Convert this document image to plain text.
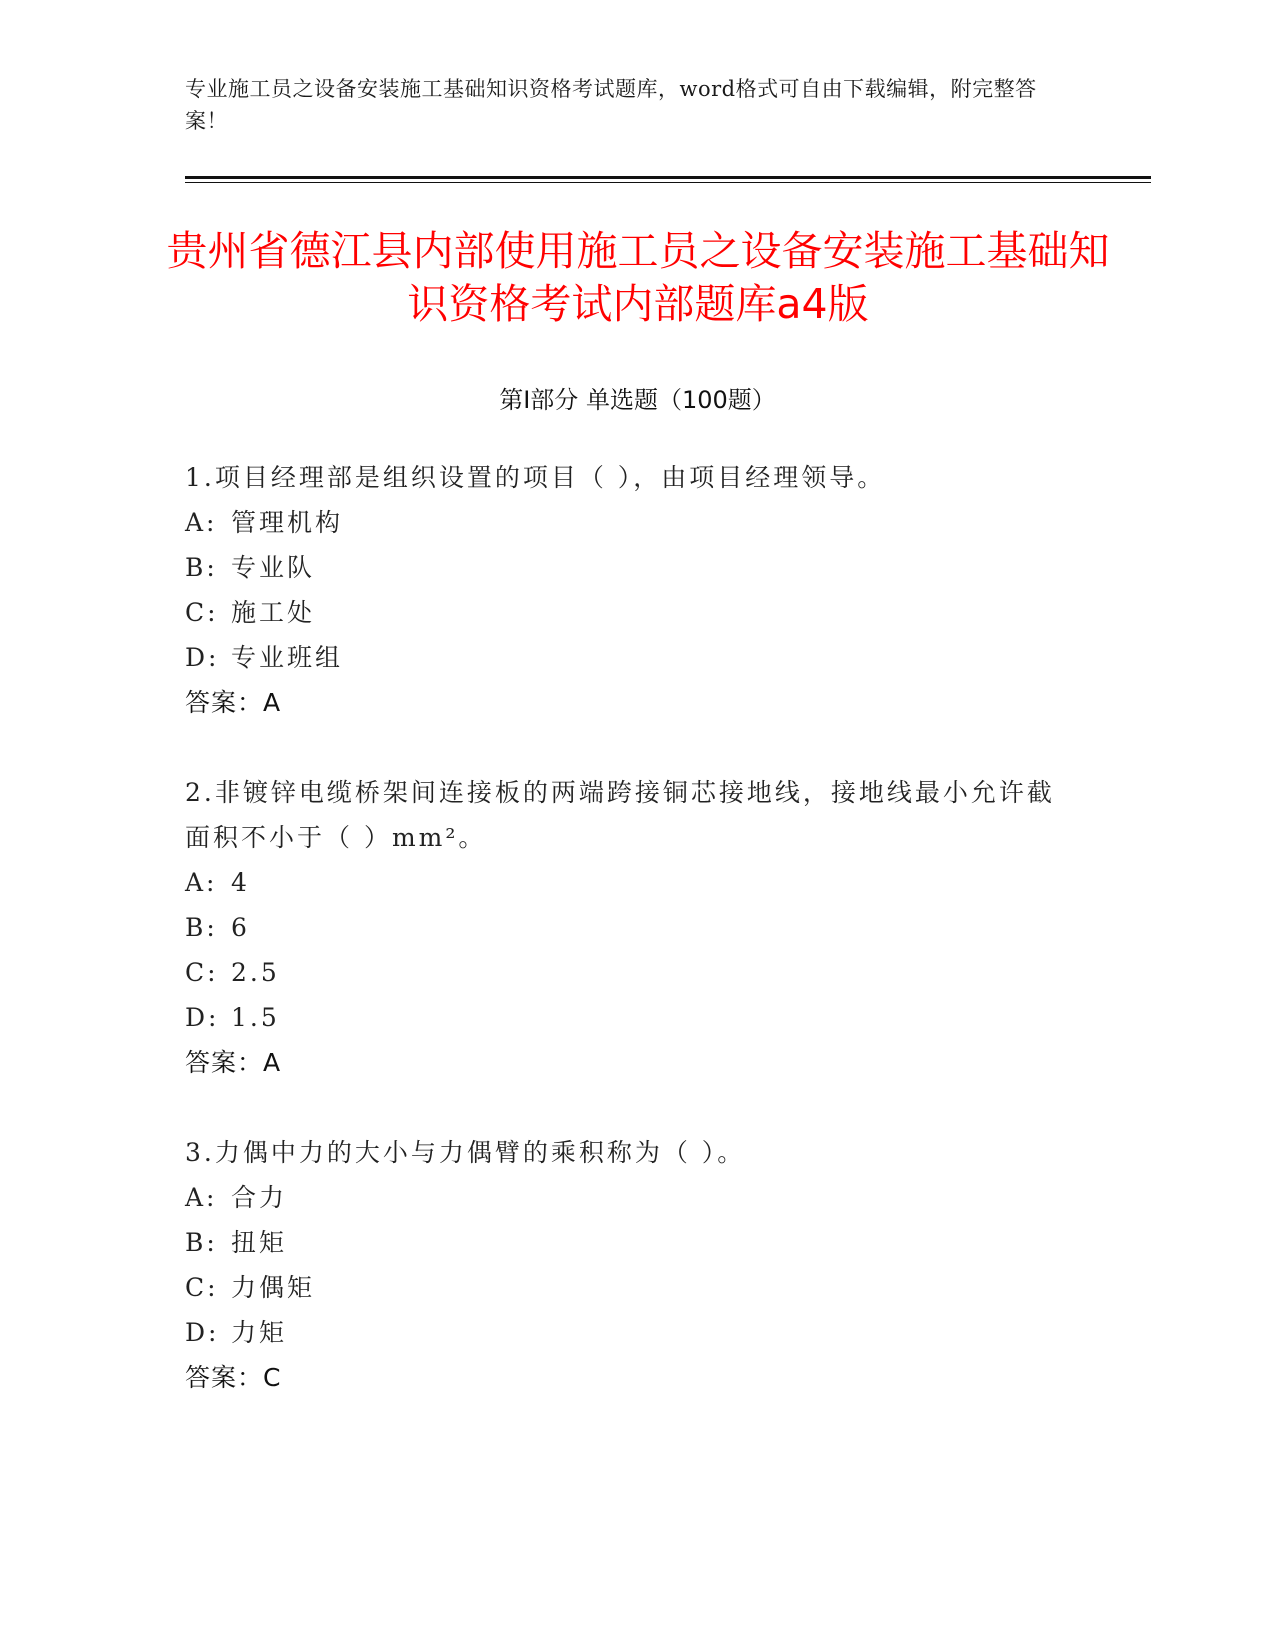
专业施工员之设备安装施工基础知识资格考试题库，word格式可自由下载编辑，附完整答案！
贵州省德江县内部使用施工员之设备安装施工基础知识资格考试内部题库a4版
第I部分 单选题（100题）
1.项目经理部是组织设置的项目（ ），由项目经理领导。
A: 管理机构
B: 专业队
C: 施工处
D: 专业班组
答案：A
2.非镀锌电缆桥架间连接板的两端跨接铜芯接地线，接地线最小允许截面积不小于（ ）mm²。
A: 4
B: 6
C: 2.5
D: 1.5
答案：A
3.力偶中力的大小与力偶臂的乘积称为（ ）。
A: 合力
B: 扭矩
C: 力偶矩
D: 力矩
答案：C
